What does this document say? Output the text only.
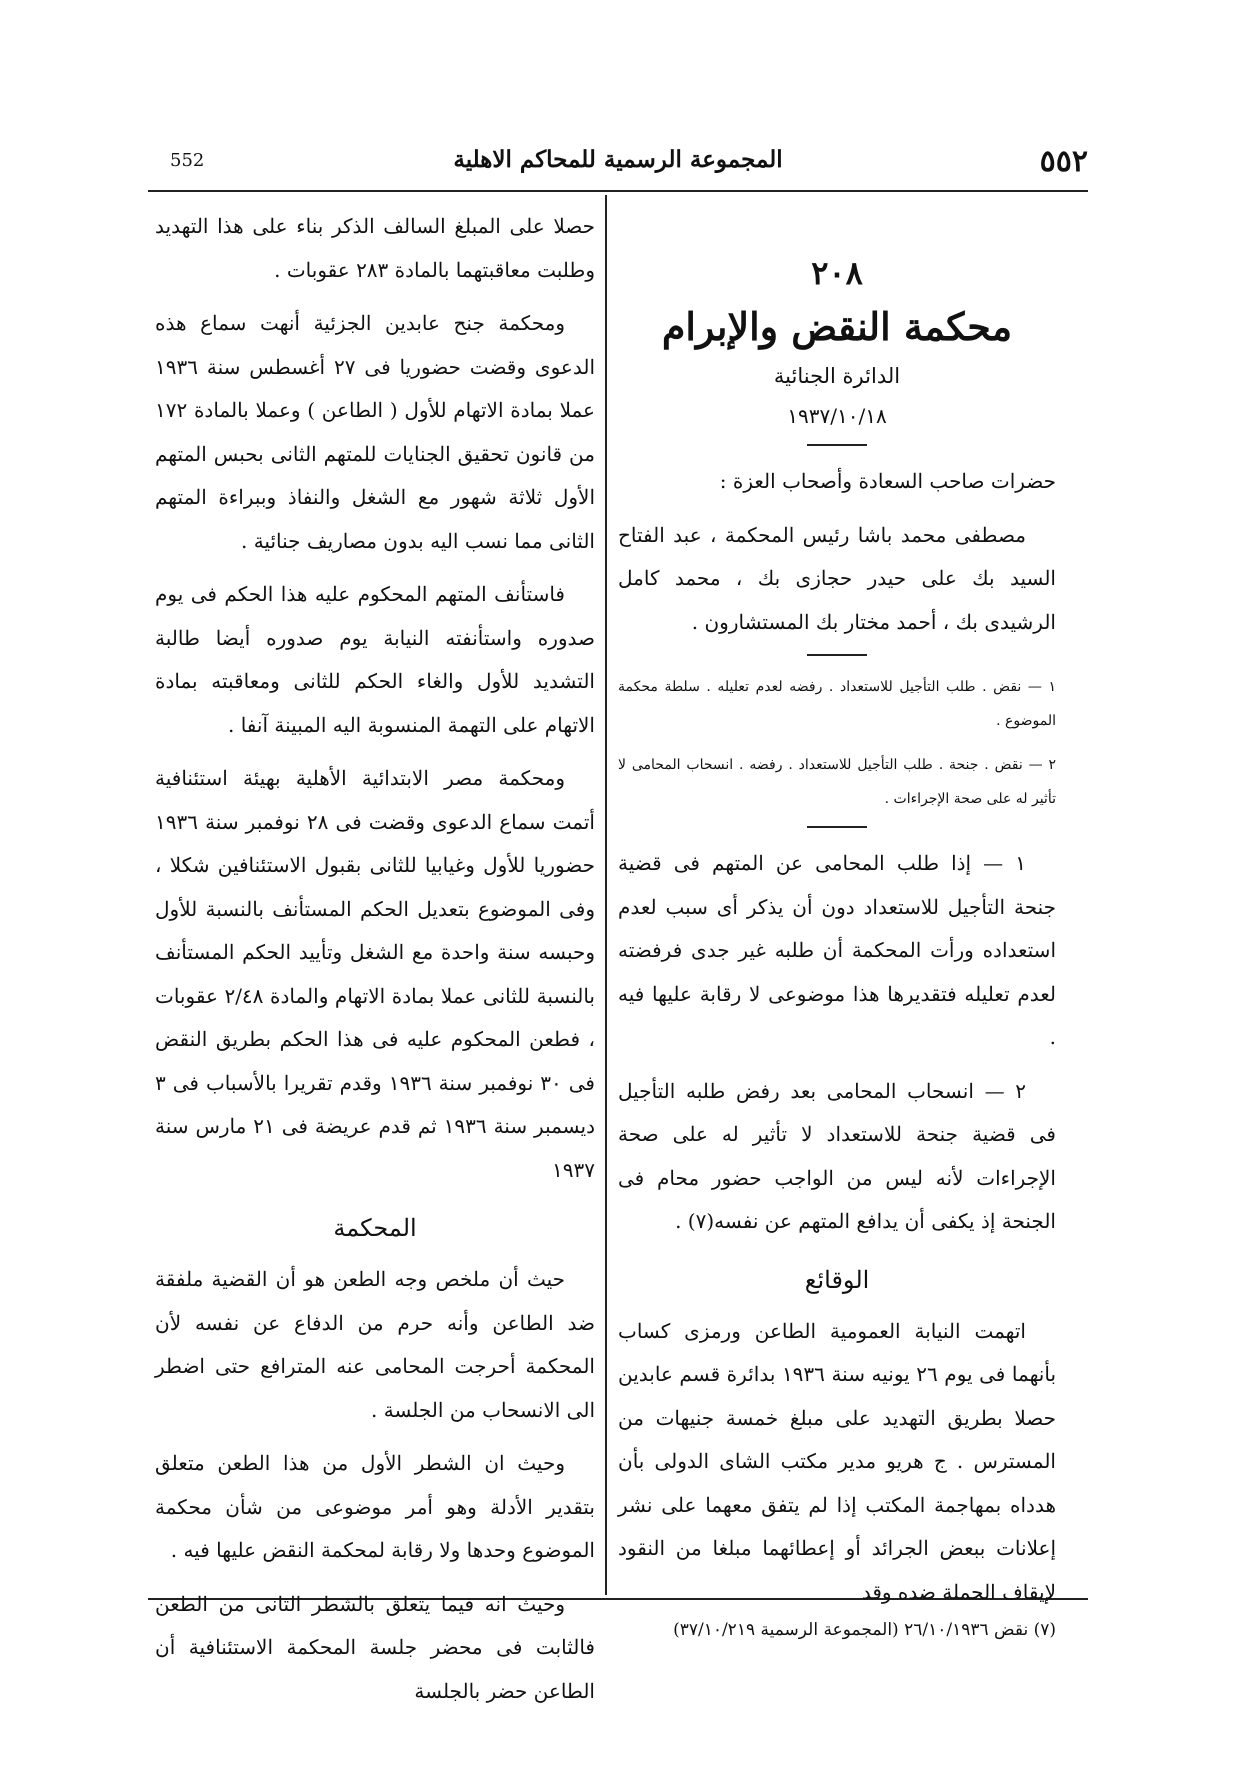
٥٥٢
المجموعة الرسمية للمحاكم الاهلية
552
٢٠٨
محكمة النقض والإبرام
الدائرة الجنائية
١٩٣٧/١٠/١٨

حضرات صاحب السعادة وأصحاب العزة :

مصطفى محمد باشا رئيس المحكمة ، عبد الفتاح السيد بك على حيدر حجازى بك ، محمد كامل الرشيدى بك ، أحمد مختار بك المستشارون .

١ — نقض . طلب التأجيل للاستعداد . رفضه لعدم تعليله . سلطة محكمة الموضوع .

٢ — نقض . جنحة . طلب التأجيل للاستعداد . رفضه . انسحاب المحامى لا تأثير له على صحة الإجراءات .

١ — إذا طلب المحامى عن المتهم فى قضية جنحة التأجيل للاستعداد دون أن يذكر أى سبب لعدم استعداده ورأت المحكمة أن طلبه غير جدى فرفضته لعدم تعليله فتقديرها هذا موضوعى لا رقابة عليها فيه .

٢ — انسحاب المحامى بعد رفض طلبه التأجيل فى قضية جنحة للاستعداد لا تأثير له على صحة الإجراءات لأنه ليس من الواجب حضور محام فى الجنحة إذ يكفى أن يدافع المتهم عن نفسه(٧) .

الوقائع

اتهمت النيابة العمومية الطاعن ورمزى كساب بأنهما فى يوم ٢٦ يونيه سنة ١٩٣٦ بدائرة قسم عابدين حصلا بطريق التهديد على مبلغ خمسة جنيهات من المسترس . ج هريو مدير مكتب الشاى الدولى بأن هدداه بمهاجمة المكتب إذا لم يتفق معهما على نشر إعلانات ببعض الجرائد أو إعطائهما مبلغا من النقود لإيقاف الحملة ضده وقد

حصلا على المبلغ السالف الذكر بناء على هذا التهديد وطلبت معاقبتهما بالمادة ٢٨٣ عقوبات .

ومحكمة جنح عابدين الجزئية أنهت سماع هذه الدعوى وقضت حضوريا فى ٢٧ أغسطس سنة ١٩٣٦ عملا بمادة الاتهام للأول ( الطاعن ) وعملا بالمادة ١٧٢ من قانون تحقيق الجنايات للمتهم الثانى بحبس المتهم الأول ثلاثة شهور مع الشغل والنفاذ وببراءة المتهم الثانى مما نسب اليه بدون مصاريف جنائية .

فاستأنف المتهم المحكوم عليه هذا الحكم فى يوم صدوره واستأنفته النيابة يوم صدوره أيضا طالبة التشديد للأول والغاء الحكم للثانى ومعاقبته بمادة الاتهام على التهمة المنسوبة اليه المبينة آنفا .

ومحكمة مصر الابتدائية الأهلية بهيئة استئنافية أتمت سماع الدعوى وقضت فى ٢٨ نوفمبر سنة ١٩٣٦ حضوريا للأول وغيابيا للثانى بقبول الاستئنافين شكلا ، وفى الموضوع بتعديل الحكم المستأنف بالنسبة للأول وحبسه سنة واحدة مع الشغل وتأييد الحكم المستأنف بالنسبة للثانى عملا بمادة الاتهام والمادة ٢/٤٨ عقوبات ، فطعن المحكوم عليه فى هذا الحكم بطريق النقض فى ٣٠ نوفمبر سنة ١٩٣٦ وقدم تقريرا بالأسباب فى ٣ ديسمبر سنة ١٩٣٦ ثم قدم عريضة فى ٢١ مارس سنة ١٩٣٧

المحكمة

حيث أن ملخص وجه الطعن هو أن القضية ملفقة ضد الطاعن وأنه حرم من الدفاع عن نفسه لأن المحكمة أحرجت المحامى عنه المترافع حتى اضطر الى الانسحاب من الجلسة .

وحيث ان الشطر الأول من هذا الطعن متعلق بتقدير الأدلة وهو أمر موضوعى من شأن محكمة الموضوع وحدها ولا رقابة لمحكمة النقض عليها فيه .

وحيث انه فيما يتعلق بالشطر الثانى من الطعن فالثابت فى محضر جلسة المحكمة الاستئنافية أن الطاعن حضر بالجلسة

(٧) نقض ٢٦/١٠/١٩٣٦ (المجموعة الرسمية ٣٧/١٠/٢١٩)
